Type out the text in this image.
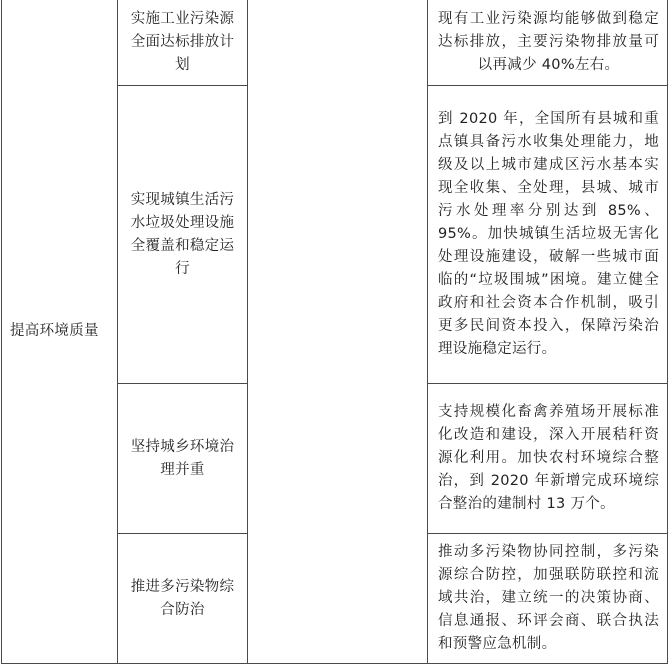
提高环境质量	实施工业污染源全面达标排放计划		现有工业污染源均能够做到稳定达标排放，主要污染物排放量可以再减少 40%左右。

	实现城镇生活污水垃圾处理设施全覆盖和稳定运行		到 2020 年，全国所有县城和重点镇具备污水收集处理能力，地级及以上城市建成区污水基本实现全收集、全处理，县城、城市污水处理率分别达到 85%、95%。加快城镇生活垃圾无害化处理设施建设，破解一些城市面临的“垃圾围城”困境。建立健全政府和社会资本合作机制，吸引更多民间资本投入，保障污染治理设施稳定运行。

	坚持城乡环境治理并重		支持规模化畜禽养殖场开展标准化改造和建设，深入开展秸秆资源化利用。加快农村环境综合整治，到 2020 年新增完成环境综合整治的建制村 13 万个。

	推进多污染物综合防治		推动多污染物协同控制，多污染源综合防控，加强联防联控和流域共治，建立统一的决策协商、信息通报、环评会商、联合执法和预警应急机制。
